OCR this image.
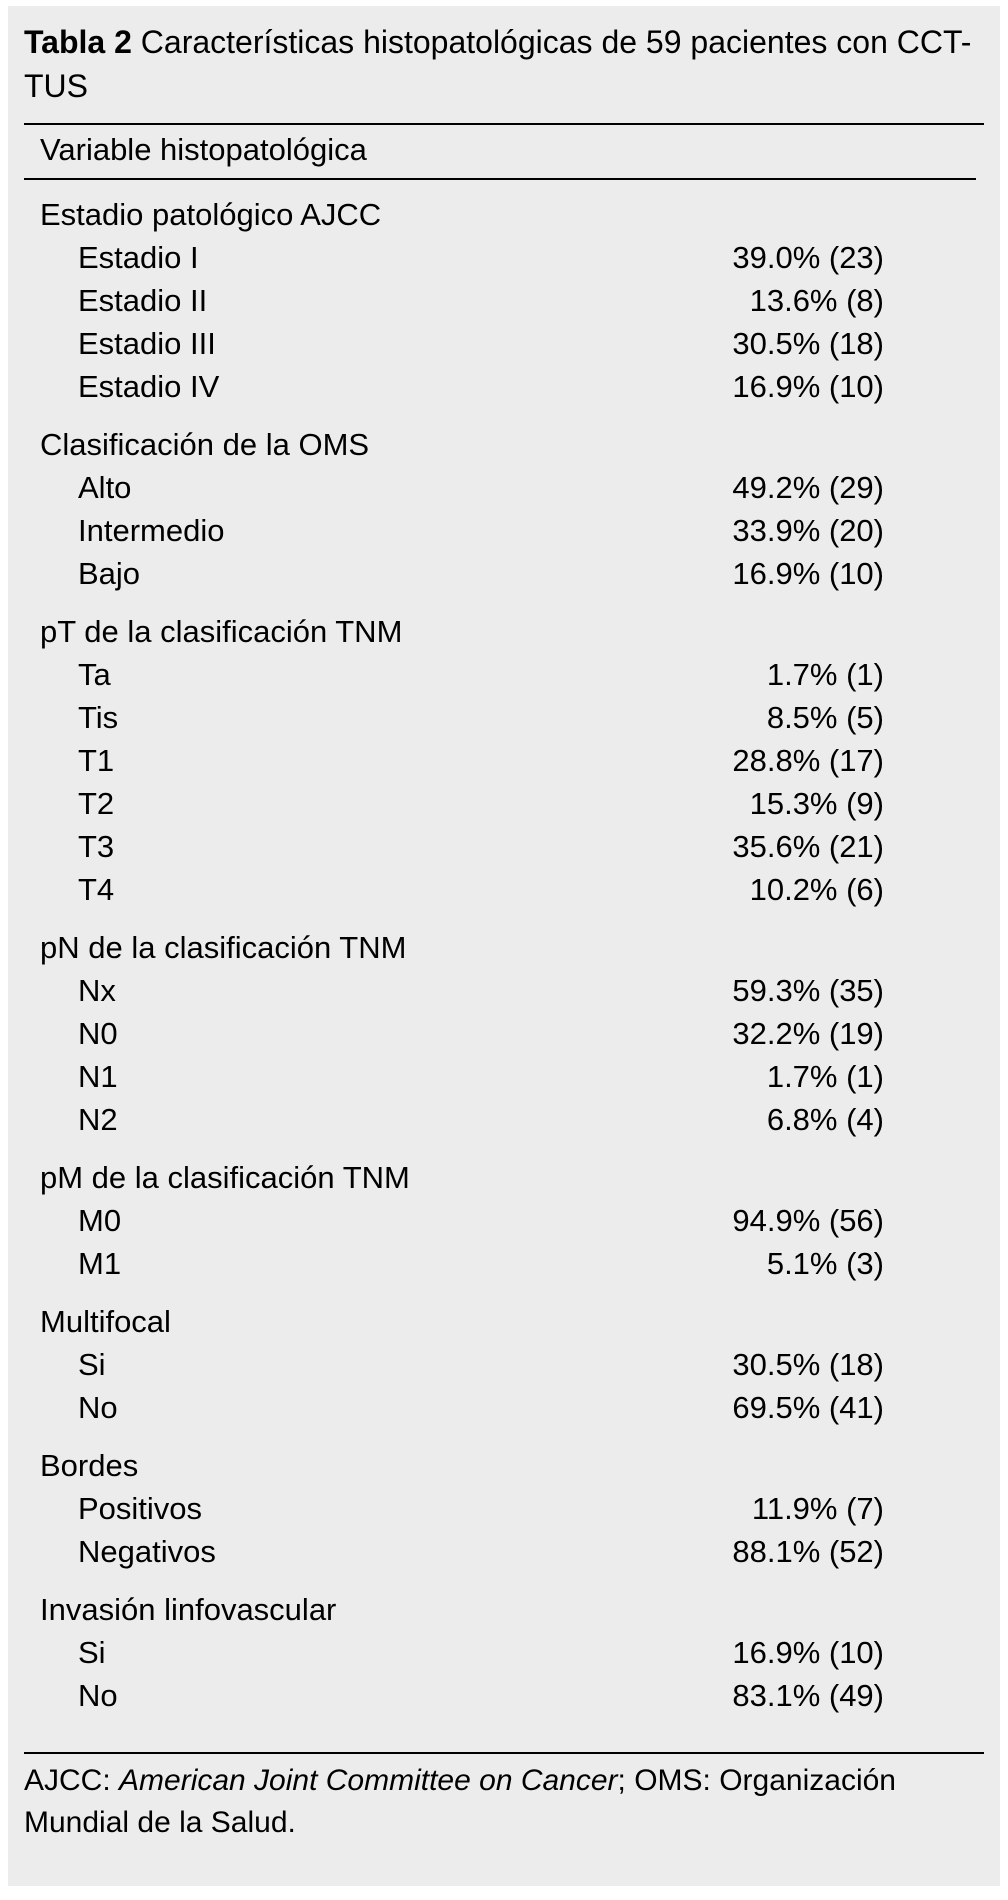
Tabla 2 Características histopatológicas de 59 pacientes con CCT-TUS
Variable histopatológica
Estadio patológico AJCC
Estadio I	39.0% (23)
Estadio II	13.6% (8)
Estadio III	30.5% (18)
Estadio IV	16.9% (10)
Clasificación de la OMS
Alto	49.2% (29)
Intermedio	33.9% (20)
Bajo	16.9% (10)
pT de la clasificación TNM
Ta	1.7% (1)
Tis	8.5% (5)
T1	28.8% (17)
T2	15.3% (9)
T3	35.6% (21)
T4	10.2% (6)
pN de la clasificación TNM
Nx	59.3% (35)
N0	32.2% (19)
N1	1.7% (1)
N2	6.8% (4)
pM de la clasificación TNM
M0	94.9% (56)
M1	5.1% (3)
Multifocal
Si	30.5% (18)
No	69.5% (41)
Bordes
Positivos	11.9% (7)
Negativos	88.1% (52)
Invasión linfovascular
Si	16.9% (10)
No	83.1% (49)
AJCC: American Joint Committee on Cancer; OMS: Organización Mundial de la Salud.
